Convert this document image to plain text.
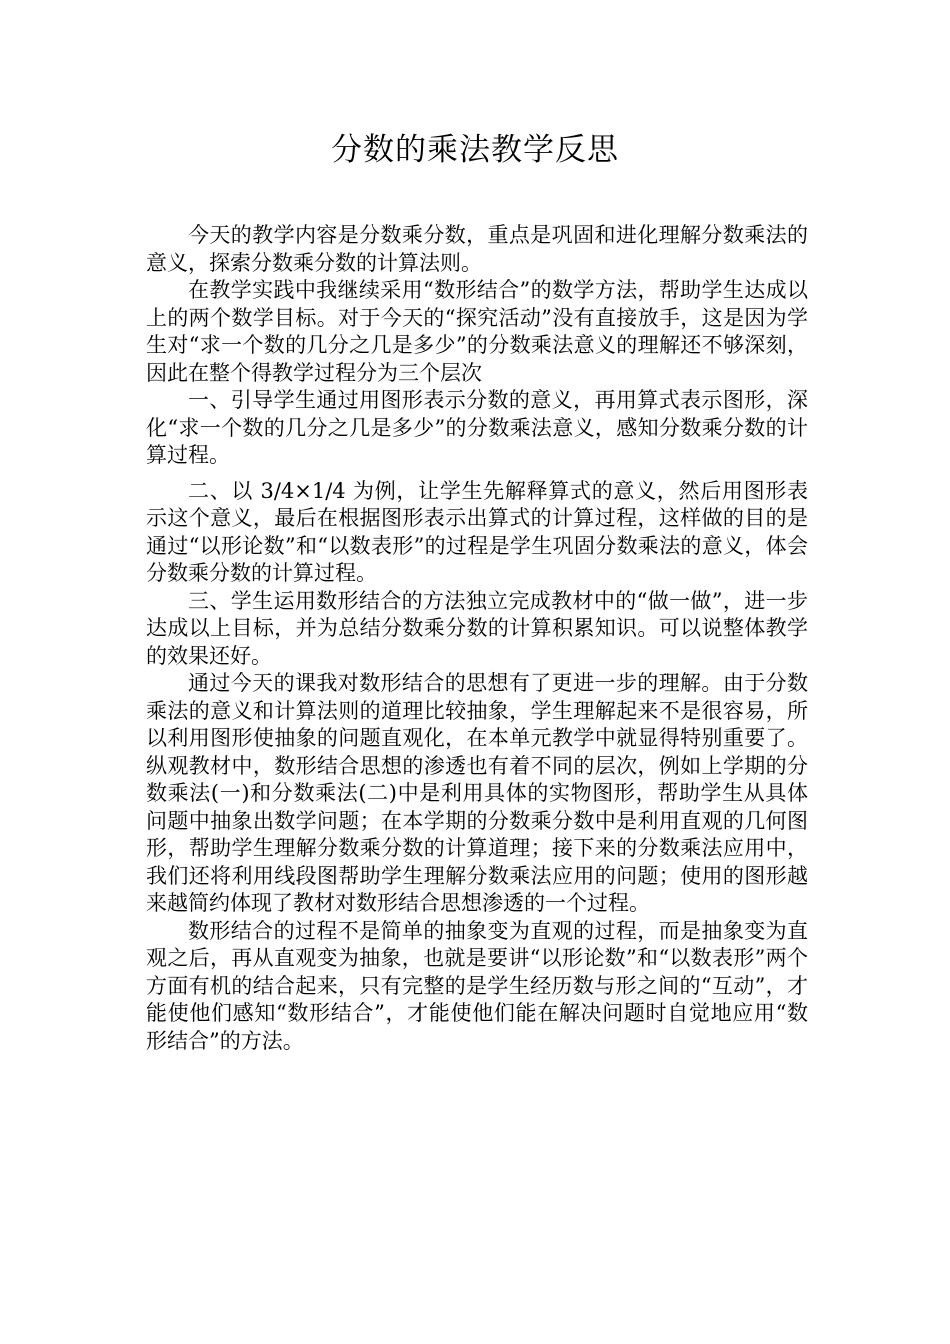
分数的乘法教学反思

今天的教学内容是分数乘分数，重点是巩固和进化理解分数乘法的意义，探索分数乘分数的计算法则。

在教学实践中我继续采用“数形结合”的数学方法，帮助学生达成以上的两个数学目标。对于今天的“探究活动”没有直接放手，这是因为学生对“求一个数的几分之几是多少”的分数乘法意义的理解还不够深刻，因此在整个得教学过程分为三个层次

一、引导学生通过用图形表示分数的意义，再用算式表示图形，深化“求一个数的几分之几是多少”的分数乘法意义，感知分数乘分数的计算过程。

二、以 3/4×1/4 为例，让学生先解释算式的意义，然后用图形表示这个意义，最后在根据图形表示出算式的计算过程，这样做的目的是通过“以形论数”和“以数表形”的过程是学生巩固分数乘法的意义，体会分数乘分数的计算过程。

三、学生运用数形结合的方法独立完成教材中的“做一做”，进一步达成以上目标，并为总结分数乘分数的计算积累知识。可以说整体教学的效果还好。

通过今天的课我对数形结合的思想有了更进一步的理解。由于分数乘法的意义和计算法则的道理比较抽象，学生理解起来不是很容易，所以利用图形使抽象的问题直观化，在本单元教学中就显得特别重要了。纵观教材中，数形结合思想的渗透也有着不同的层次，例如上学期的分数乘法(一)和分数乘法(二)中是利用具体的实物图形，帮助学生从具体问题中抽象出数学问题；在本学期的分数乘分数中是利用直观的几何图形，帮助学生理解分数乘分数的计算道理；接下来的分数乘法应用中，我们还将利用线段图帮助学生理解分数乘法应用的问题；使用的图形越来越简约体现了教材对数形结合思想渗透的一个过程。

数形结合的过程不是简单的抽象变为直观的过程，而是抽象变为直观之后，再从直观变为抽象，也就是要讲“以形论数”和“以数表形”两个方面有机的结合起来，只有完整的是学生经历数与形之间的“互动”，才能使他们感知“数形结合”，才能使他们能在解决问题时自觉地应用“数形结合”的方法。
